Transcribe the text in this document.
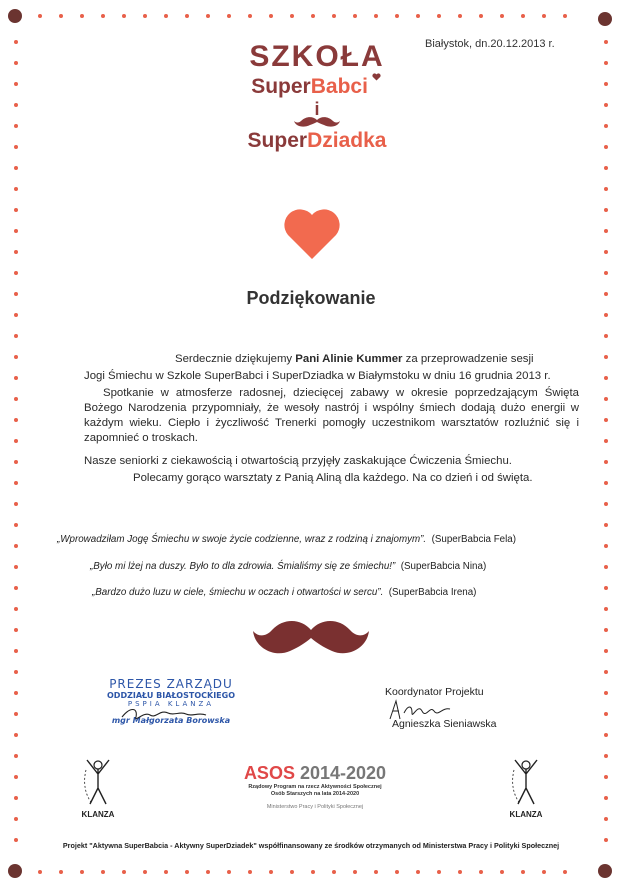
Białystok, dn.20.12.2013 r.
SZKOŁA
SuperBabci
i
SuperDziadka
Podziękowanie
Serdecznie dziękujemy Pani Alinie Kummer za przeprowadzenie sesji
Jogi Śmiechu w Szkole SuperBabci i SuperDziadka w Białymstoku w dniu 16 grudnia 2013 r.
Spotkanie w atmosferze radosnej, dziecięcej zabawy w okresie poprzedzającym Święta Bożego Narodzenia przypomniały, że wesoły nastrój i wspólny śmiech dodają dużo energii w każdym wieku. Ciepło i życzliwość Trenerki pomogły uczestnikom warsztatów rozluźnić się i zapomnieć o troskach.
Nasze seniorki z ciekawością i otwartością przyjęły zaskakujące Ćwiczenia Śmiechu.
Polecamy gorąco warsztaty z Panią Aliną dla każdego. Na co dzień i od święta.
„Wprowadziłam Jogę Śmiechu w swoje życie codzienne, wraz z rodziną i znajomym”. (SuperBabcia Fela)
„Było mi lżej na duszy. Było to dla zdrowia. Śmialiśmy się ze śmiechu!” (SuperBabcia Nina)
„Bardzo dużo luzu w ciele, śmiechu w oczach i otwartości w sercu”. (SuperBabcia Irena)
PREZES ZARZĄDU
ODDZIAŁU BIAŁOSTOCKIEGO
PSPIA KLANZA
mgr Małgorzata Borowska
Koordynator Projektu
Agnieszka Sieniawska
KLANZA
ASOS 2014-2020
Rządowy Program na rzecz Aktywności Społecznej
Osób Starszych na lata 2014-2020
Ministerstwo Pracy i Polityki Społecznej
KLANZA
Projekt "Aktywna SuperBabcia - Aktywny SuperDziadek" współfinansowany ze środków otrzymanych od Ministerstwa Pracy i Polityki Społecznej
